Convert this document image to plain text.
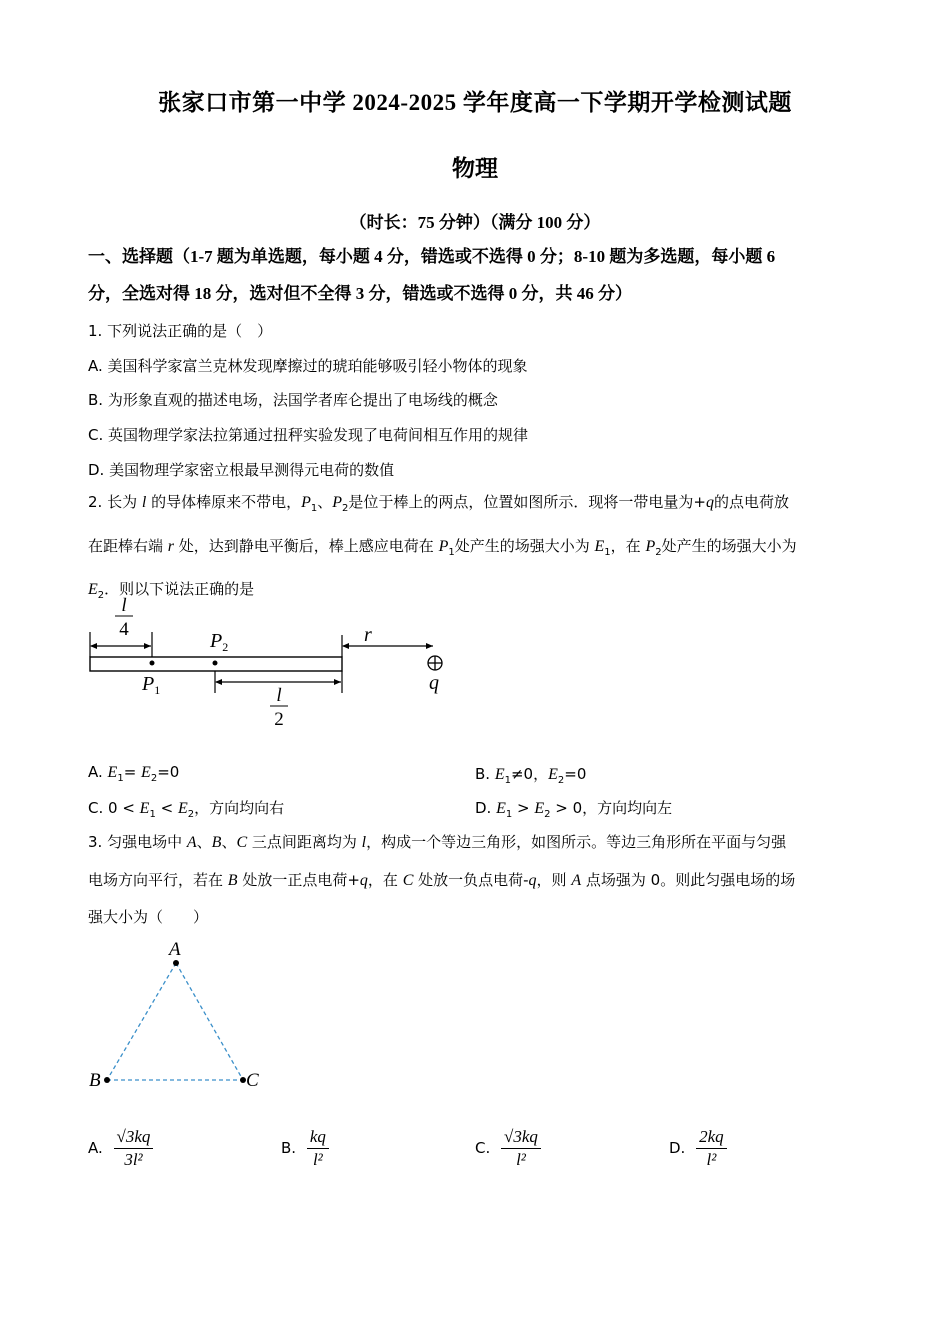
张家口市第一中学 2024-2025 学年度高一下学期开学检测试题
物理
（时长：75 分钟）（满分 100 分）
一、选择题（1-7 题为单选题，每小题 4 分，错选或不选得 0 分；8-10 题为多选题，每小题 6
分，全选对得 18 分，选对但不全得 3 分，错选或不选得 0 分，共 46 分）
1. 下列说法正确的是（　）
A. 美国科学家富兰克林发现摩擦过的琥珀能够吸引轻小物体的现象
B. 为形象直观的描述电场，法国学者库仑提出了电场线的概念
C. 英国物理学家法拉第通过扭秤实验发现了电荷间相互作用的规律
D. 美国物理学家密立根最早测得元电荷的数值
2. 长为 l 的导体棒原来不带电，$P_1$、$P_2$是位于棒上的两点，位置如图所示．现将一带电量为+q的点电荷放
在距棒右端 r 处，达到静电平衡后，棒上感应电荷在 $P_1$处产生的场强大小为 $E_1$，在 $P_2$处产生的场强大小为
$E_2$．则以下说法正确的是
l
4
$P_2$
$P_1$	l
2
r
q
A. $E_1= E_2=0$	B. $E_1\ne 0$，$E_2=0$
C. $0 < E_1 < E_2$，方向均向右	D. $E_1 > E_2 > 0$，方向均向左
3. 匀强电场中 A、B、C 三点间距离均为 l，构成一个等边三角形，如图所示。等边三角形所在平面与匀强
电场方向平行，若在 B 处放一正点电荷+q，在 C 处放一负点电荷-q，则 A 点场强为 0。则此匀强电场的场
强大小为（　　）
A
B	C
A. $\frac{√3kq}{\text{3l²}}$	B. $\frac{kq}{\text{l²}}$	C. $\frac{√3kq}{\text{l²}}$	D. $\frac{2kq}{\text{l²}}$
